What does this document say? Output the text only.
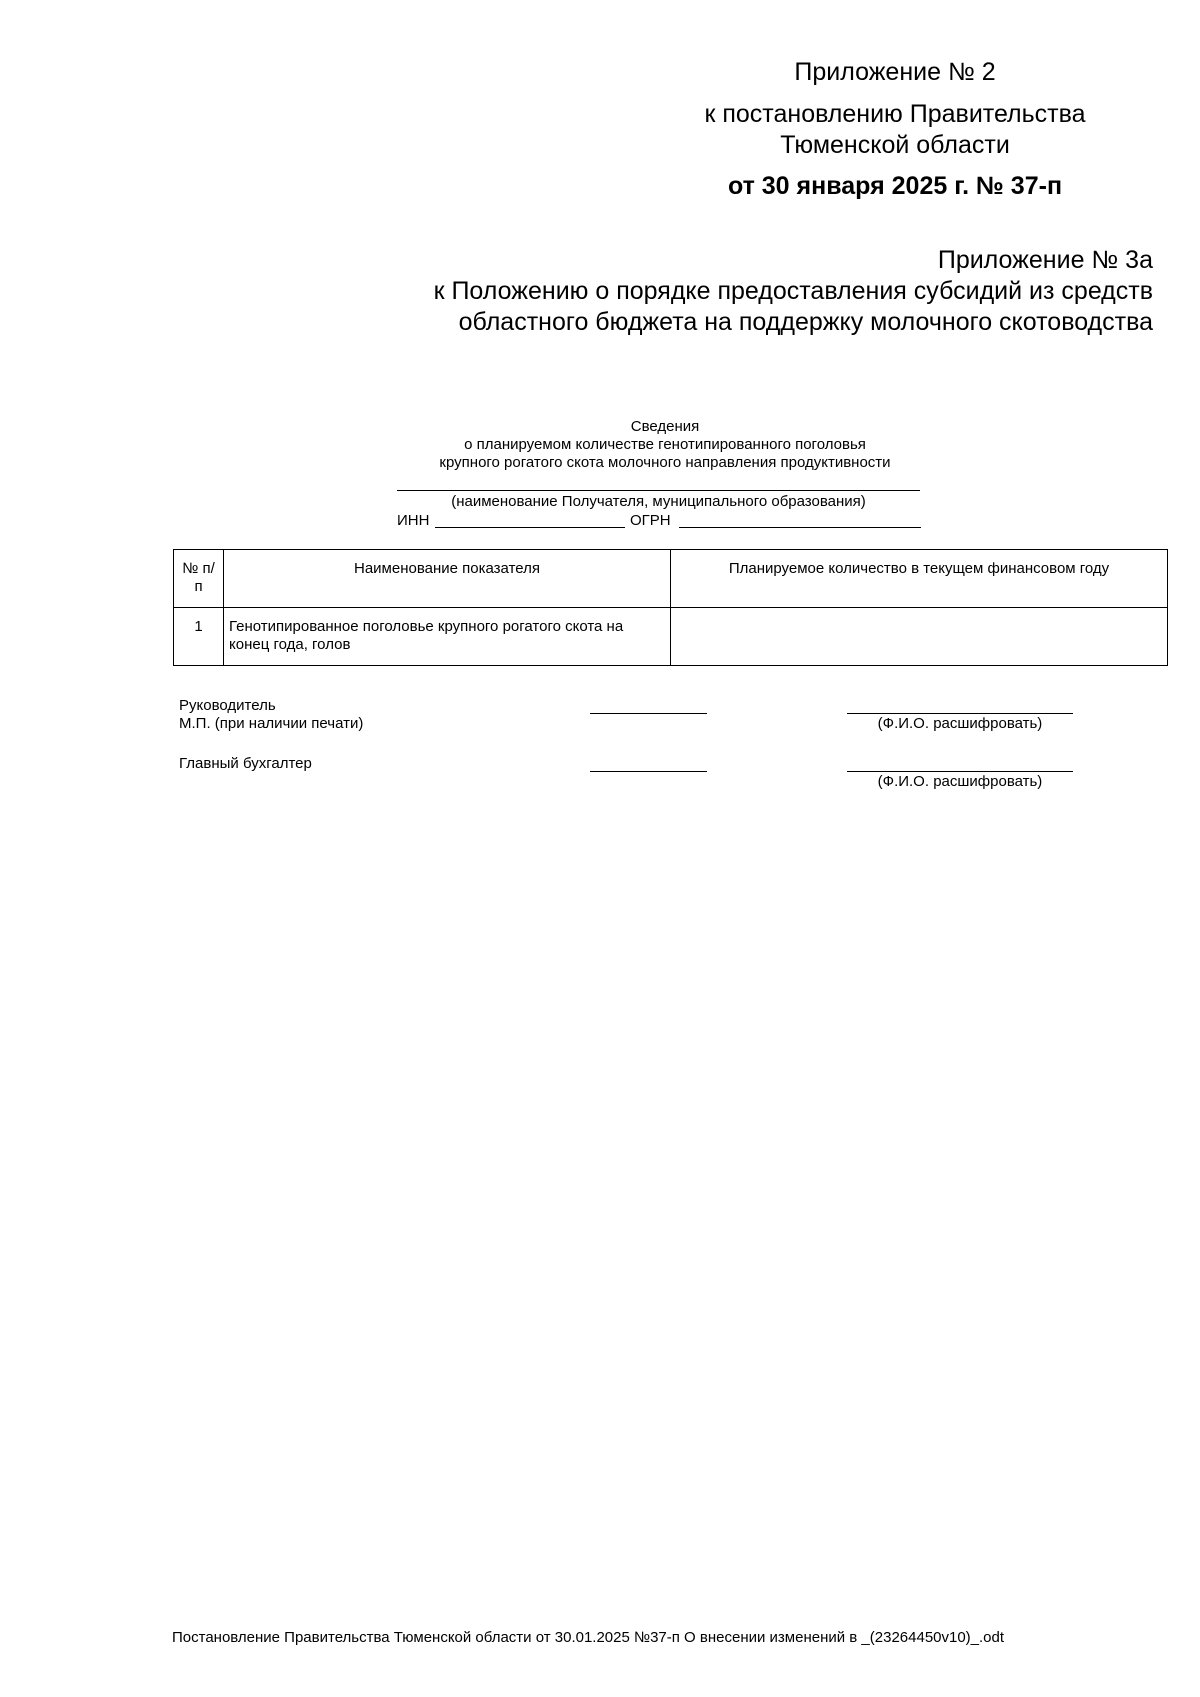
Приложение № 2
к постановлению Правительства
Тюменской области
от 30 января 2025 г. № 37-п
Приложение № 3а
к Положению о порядке предоставления субсидий из средств
областного бюджета на поддержку молочного скотоводства
Сведения
о планируемом количестве генотипированного поголовья
крупного рогатого скота молочного направления продуктивности
(наименование Получателя, муниципального образования)
ИНН	ОГРН
№ п/п	Наименование показателя	Планируемое количество в текущем финансовом году
1	Генотипированное поголовье крупного рогатого скота на конец года, голов	
Руководитель
М.П. (при наличии печати)	(Ф.И.О. расшифровать)
Главный бухгалтер
(Ф.И.О. расшифровать)
Постановление Правительства Тюменской области от 30.01.2025 №37-п О внесении изменений в _(23264450v10)_.odt
